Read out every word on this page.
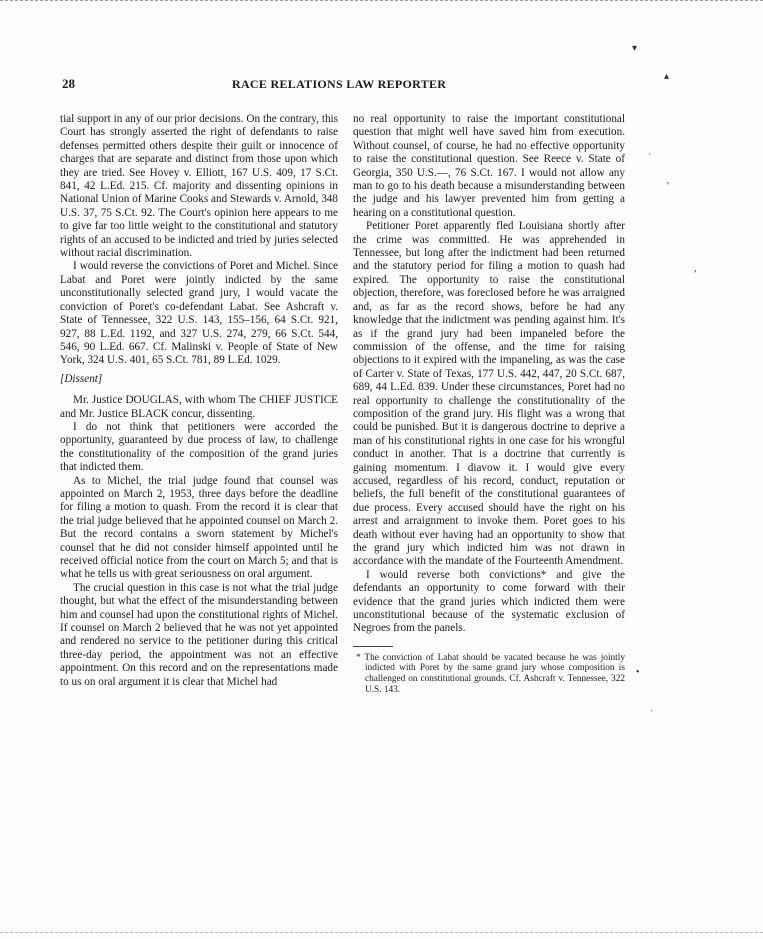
28	RACE RELATIONS LAW REPORTER

tial support in any of our prior decisions. On the contrary, this Court has strongly asserted the right of defendants to raise defenses permitted others despite their guilt or innocence of charges that are separate and distinct from those upon which they are tried. See Hovey v. Elliott, 167 U.S. 409, 17 S.Ct. 841, 42 L.Ed. 215. Cf. majority and dissenting opinions in National Union of Marine Cooks and Stewards v. Arnold, 348 U.S. 37, 75 S.Ct. 92. The Court's opinion here appears to me to give far too little weight to the constitutional and statutory rights of an accused to be indicted and tried by juries selected without racial discrimination.

I would reverse the convictions of Poret and Michel. Since Labat and Poret were jointly indicted by the same unconstitutionally selected grand jury, I would vacate the conviction of Poret's co-defendant Labat. See Ashcraft v. State of Tennessee, 322 U.S. 143, 155–156, 64 S.Ct. 921, 927, 88 L.Ed. 1192, and 327 U.S. 274, 279, 66 S.Ct. 544, 546, 90 L.Ed. 667. Cf. Malinski v. People of State of New York, 324 U.S. 401, 65 S.Ct. 781, 89 L.Ed. 1029.

[Dissent]

Mr. Justice DOUGLAS, with whom The CHIEF JUSTICE and Mr. Justice BLACK concur, dissenting.

I do not think that petitioners were accorded the opportunity, guaranteed by due process of law, to challenge the constitutionality of the composition of the grand juries that indicted them.

As to Michel, the trial judge found that counsel was appointed on March 2, 1953, three days before the deadline for filing a motion to quash. From the record it is clear that the trial judge believed that he appointed counsel on March 2. But the record contains a sworn statement by Michel's counsel that he did not consider himself appointed until he received official notice from the court on March 5; and that is what he tells us with great seriousness on oral argument.

The crucial question in this case is not what the trial judge thought, but what the effect of the misunderstanding between him and counsel had upon the constitutional rights of Michel. If counsel on March 2 believed that he was not yet appointed and rendered no service to the petitioner during this critical three-day period, the appointment was not an effective appointment. On this record and on the representations made to us on oral argument it is clear that Michel had

no real opportunity to raise the important constitutional question that might well have saved him from execution. Without counsel, of course, he had no effective opportunity to raise the constitutional question. See Reece v. State of Georgia, 350 U.S.—, 76 S.Ct. 167. I would not allow any man to go to his death because a misunderstanding between the judge and his lawyer prevented him from getting a hearing on a constitutional question.

Petitioner Poret apparently fled Louisiana shortly after the crime was committed. He was apprehended in Tennessee, but long after the indictment had been returned and the statutory period for filing a motion to quash had expired. The opportunity to raise the constitutional objection, therefore, was foreclosed before he was arraigned and, as far as the record shows, before he had any knowledge that the indictment was pending against him. It's as if the grand jury had been impaneled before the commission of the offense, and the time for raising objections to it expired with the impaneling, as was the case of Carter v. State of Texas, 177 U.S. 442, 447, 20 S.Ct. 687, 689, 44 L.Ed. 839. Under these circumstances, Poret had no real opportunity to challenge the constitutionality of the composition of the grand jury. His flight was a wrong that could be punished. But it is dangerous doctrine to deprive a man of his constitutional rights in one case for his wrongful conduct in another. That is a doctrine that currently is gaining momentum. I diavow it. I would give every accused, regardless of his record, conduct, reputation or beliefs, the full benefit of the constitutional guarantees of due process. Every accused should have the right on his arrest and arraignment to invoke them. Poret goes to his death without ever having had an opportunity to show that the grand jury which indicted him was not drawn in accordance with the mandate of the Fourteenth Amendment.

I would reverse both convictions* and give the defendants an opportunity to come forward with their evidence that the grand juries which indicted them were unconstitutional because of the systematic exclusion of Negroes from the panels.

* The conviction of Labat should be vacated because he was jointly indicted with Poret by the same grand jury whose composition is challenged on constitutional grounds. Cf. Ashcraft v. Tennessee, 322 U.S. 143.
▾
▴
˴
ʼ
,
•
ˎ
